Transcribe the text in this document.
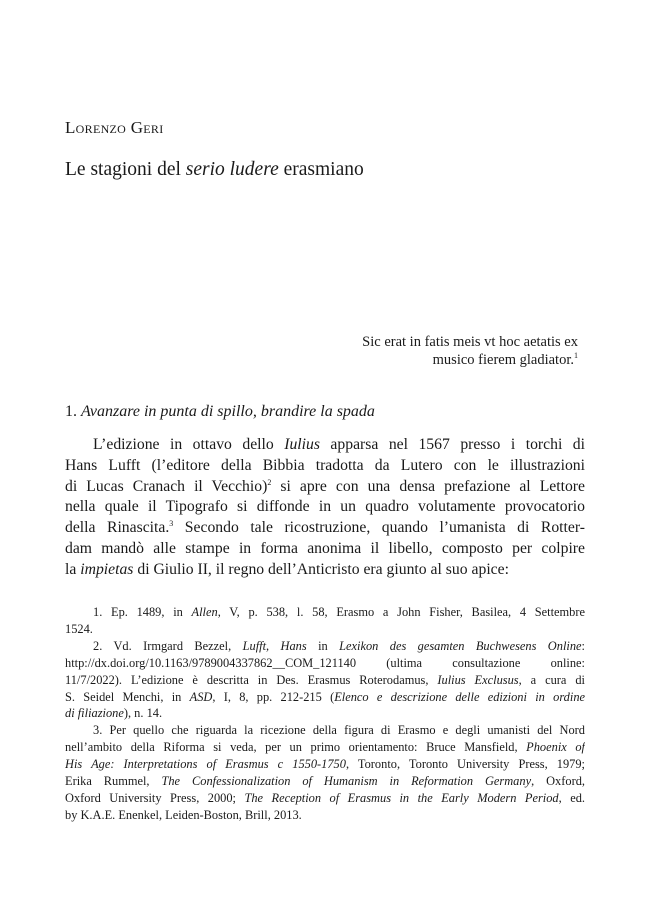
Lorenzo Geri
Le stagioni del serio ludere erasmiano
Sic erat in fatis meis vt hoc aetatis ex
musico fierem gladiator.$^1$
1. Avanzare in punta di spillo, brandire la spada
L’edizione in ottavo dello Iulius apparsa nel 1567 presso i torchi di
Hans Lufft (l’editore della Bibbia tradotta da Lutero con le illustrazioni
di Lucas Cranach il Vecchio)$^2$ si apre con una densa prefazione al Lettore
nella quale il Tipografo si diffonde in un quadro volutamente provocatorio
della Rinascita.$^3$ Secondo tale ricostruzione, quando l’umanista di Rotter-
dam mandò alle stampe in forma anonima il libello, composto per colpire
la impietas di Giulio II, il regno dell’Anticristo era giunto al suo apice:
1. Ep. 1489, in Allen, V, p. 538, l. 58, Erasmo a John Fisher, Basilea, 4 Settembre
1524.
2. Vd. Irmgard Bezzel, Lufft, Hans in Lexikon des gesamten Buchwesens Online:
http://dx.doi.org/10.1163/9789004337862__COM_121140 (ultima consultazione online:
11/7/2022). L’edizione è descritta in Des. Erasmus Roterodamus, Iulius Exclusus, a cura di
S. Seidel Menchi, in ASD, I, 8, pp. 212-215 (Elenco e descrizione delle edizioni in ordine
di filiazione), n. 14.
3. Per quello che riguarda la ricezione della figura di Erasmo e degli umanisti del Nord
nell’ambito della Riforma si veda, per un primo orientamento: Bruce Mansfield, Phoenix of
His Age: Interpretations of Erasmus c 1550-1750, Toronto, Toronto University Press, 1979;
Erika Rummel, The Confessionalization of Humanism in Reformation Germany, Oxford,
Oxford University Press, 2000; The Reception of Erasmus in the Early Modern Period, ed.
by K.A.E. Enenkel, Leiden-Boston, Brill, 2013.
